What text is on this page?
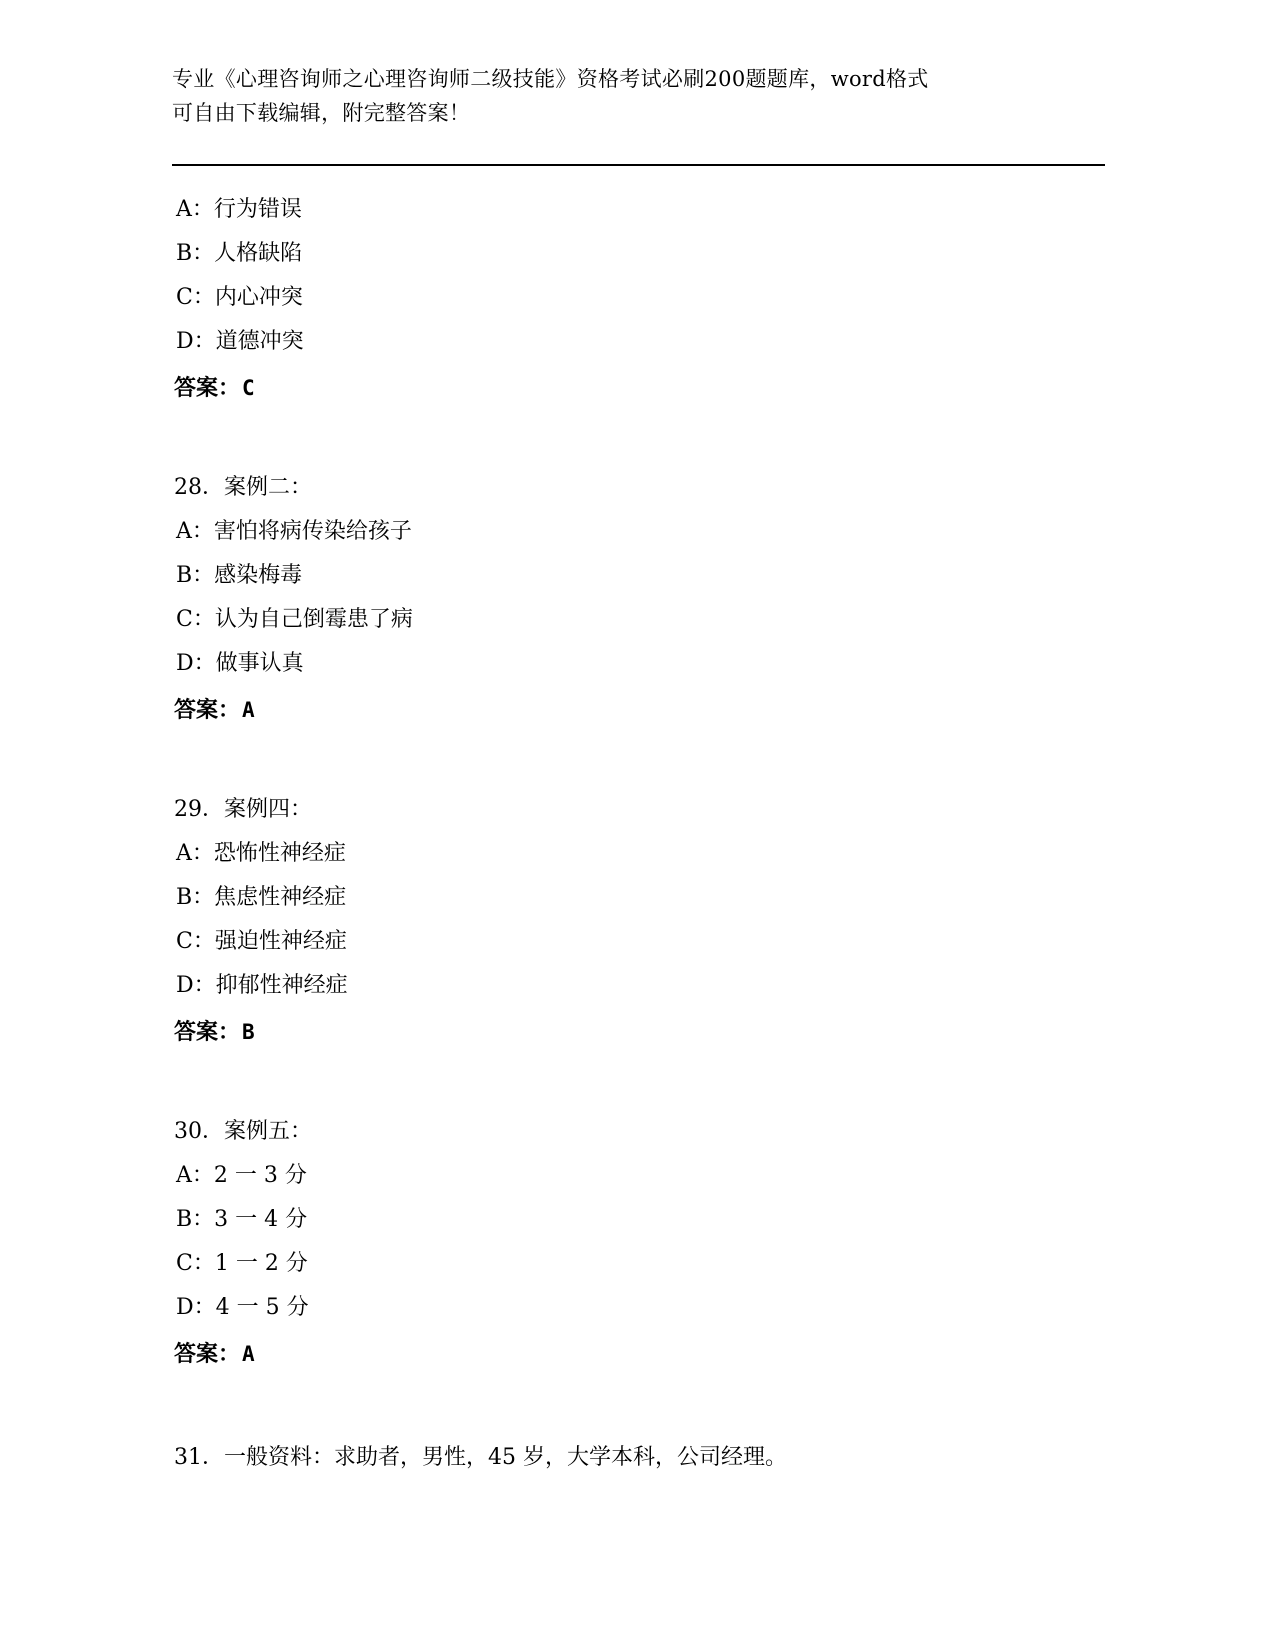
专业《心理咨询师之心理咨询师二级技能》资格考试必刷200题题库，word格式
可自由下载编辑，附完整答案！
A：行为错误
B：人格缺陷
C：内心冲突
D：道德冲突
答案：C
28．案例二：
A：害怕将病传染给孩子
B：感染梅毒
C：认为自己倒霉患了病
D：做事认真
答案：A
29．案例四：
A：恐怖性神经症
B：焦虑性神经症
C：强迫性神经症
D：抑郁性神经症
答案：B
30．案例五：
A：2 一 3 分
B：3 一 4 分
C：1 一 2 分
D：4 一 5 分
答案：A
31．一般资料：求助者，男性，45 岁，大学本科，公司经理。
